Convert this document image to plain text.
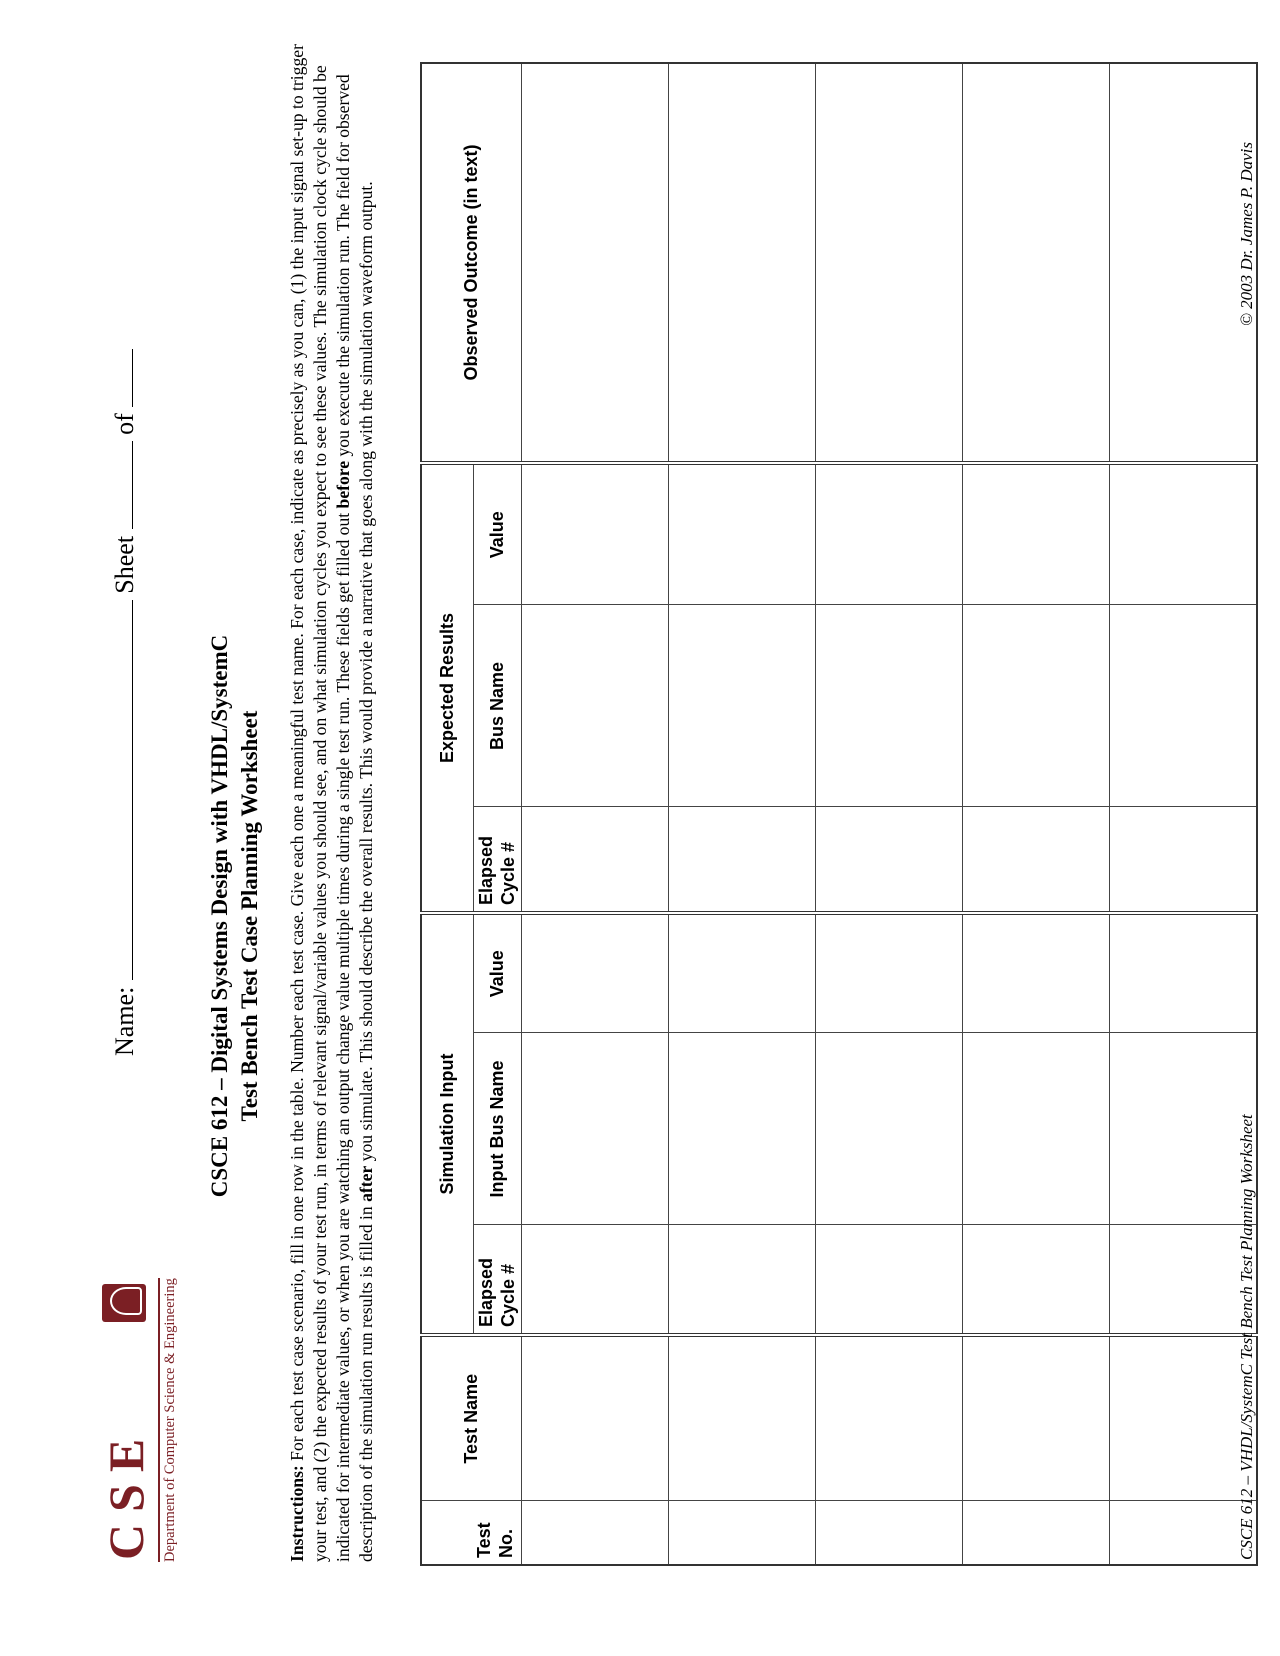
CSE Department of Computer Science & Engineering
Name:  Sheet  of
CSCE 612 – Digital Systems Design with VHDL/SystemC Test Bench Test Case Planning Worksheet
Instructions: For each test case scenario, fill in one row in the table. Number each test case. Give each one a meaningful test name. For each case, indicate as precisely as you can, (1) the input signal set-up to trigger your test, and (2) the expected results of your test run, in terms of relevant signal/variable values you should see, and on what simulation cycles you expect to see these values. The simulation clock cycle should be indicated for intermediate values, or when you are watching an output change value multiple times during a single test run. These fields get filled out before you execute the simulation run. The field for observed description of the simulation run results is filled in after you simulate. This should describe the overall results. This would provide a narrative that goes along with the simulation waveform output.
Test No.	Test Name	Simulation Input			Expected Results			Observed Outcome (in text)
		Elapsed Cycle #	Input Bus Name	Value	Elapsed Cycle #	Bus Name	Value	

CSCE 612 – VHDL/SystemC Test Bench Test Planning Worksheet
© 2003 Dr. James P. Davis
